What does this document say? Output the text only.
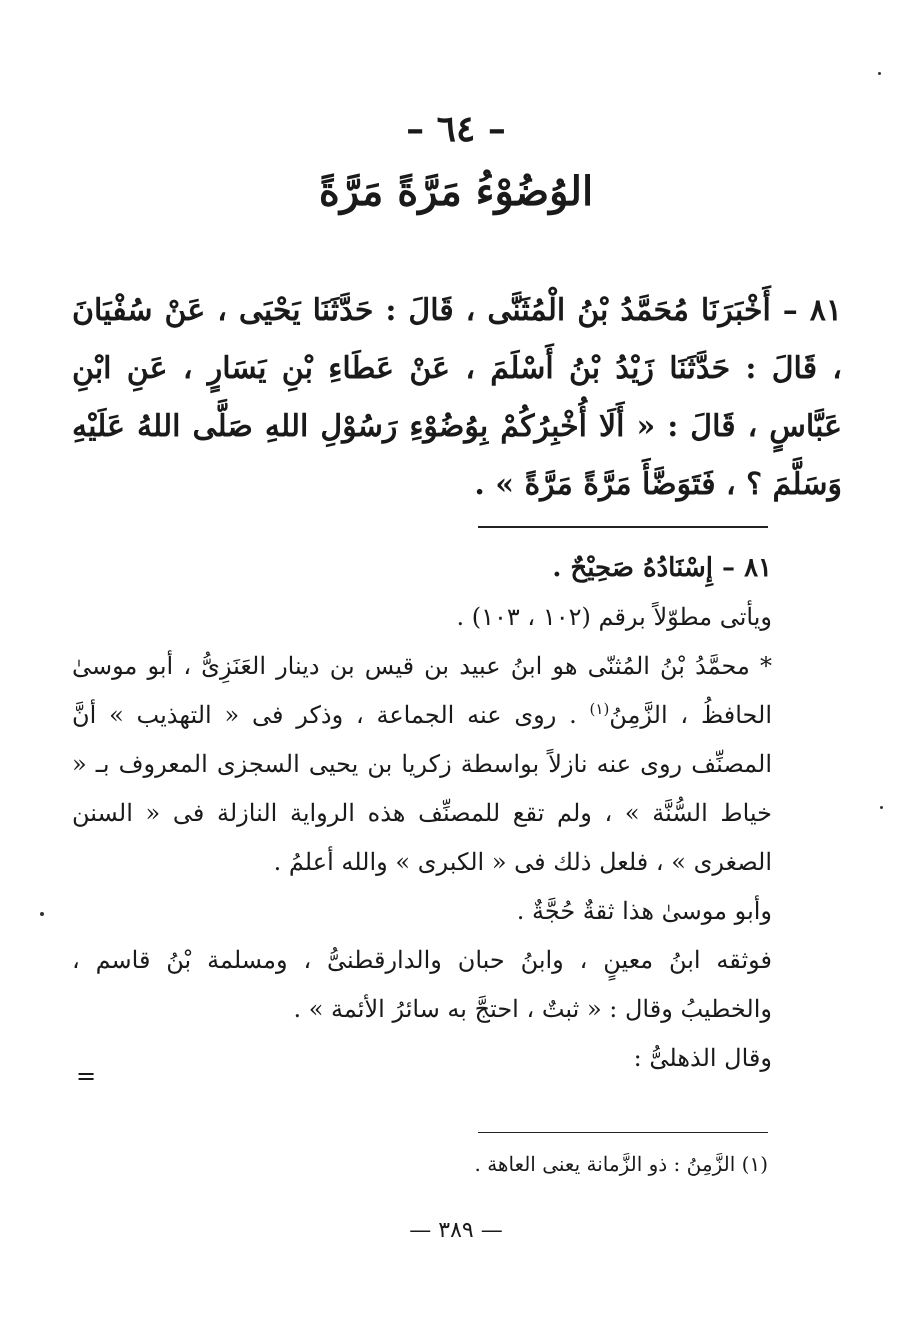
– ٦٤ –
الوُضُوْءُ مَرَّةً مَرَّةً

٨١ – أَخْبَرَنَا مُحَمَّدُ بْنُ الْمُثَنَّى ، قَالَ : حَدَّثَنَا يَحْيَى ، عَنْ سُفْيَانَ ، قَالَ : حَدَّثَنَا زَيْدُ بْنُ أَسْلَمَ ، عَنْ عَطَاءِ بْنِ يَسَارٍ ، عَنِ ابْنِ عَبَّاسٍ ، قَالَ : « أَلَا أُخْبِرُكُمْ بِوُضُوْءِ رَسُوْلِ اللهِ صَلَّى اللهُ عَلَيْهِ وَسَلَّمَ ؟ ، فَتَوَضَّأَ مَرَّةً مَرَّةً » .

٨١ – إِسْنَادُهُ صَحِيْحٌ .

ويأتى مطوّلاً برقم (١٠٢ ، ١٠٣) .

* محمَّدُ بْنُ المُثنّى هو ابنُ عبيد بن قيس بن دينار العَنَزِىُّ ، أبو موسىٰ الحافظُ ، الزَّمِنُ$^{(١)}$ . روى عنه الجماعة ، وذكر فى « التهذيب » أنَّ المصنِّف روى عنه نازلاً بواسطة زكريا بن يحيى السجزى المعروف بـ « خياط السُّنَّة » ، ولم تقع للمصنِّف هذه الرواية النازلة فى « السنن الصغرى » ، فلعل ذلك فى « الكبرى » والله أعلمُ .

وأبو موسىٰ هذا ثقةٌ حُجَّةٌ .

فوثقه ابنُ معينٍ ، وابنُ حبان والدارقطنىُّ ، ومسلمة بْنُ قاسم ، والخطيبُ وقال : « ثبتٌ ، احتجَّ به سائرُ الأئمة » .

وقال الذهلىُّ :

=
(١) الزَّمِنُ : ذو الزَّمانة يعنى العاهة .
— ٣٨٩ —
